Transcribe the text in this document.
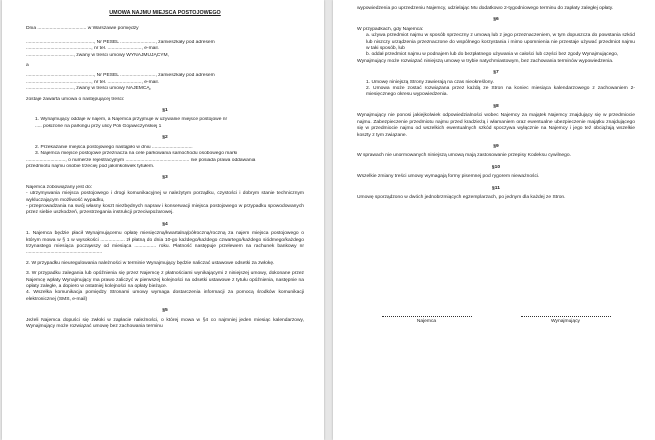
UMOWA NAJMU MIEJSCA POSTOJOWEGO
Dnia .................................... w Warszawie pomiędzy
.................................................., Nr PESEL .........................., zamieszkały pod adresem
................................................, nr tel. ........................., e-mail.
..................................., zwany w treści umowy WYNAJMUJĄCYM,
a
.................................................., Nr PESEL .........................., zamieszkały pod adresem
................................................, nr tel. ........................., e-mail.
..................................., zwany w treści umowy NAJEMCĄ,
zostaje zawarta umowa o następującej treści:
§1
1. Wynajmujący oddaje w najem, a Najemca przyjmuje w używanie miejsce postojowe nr
..... położone na parkingu przy ulicy Poli Gojawiczyńskiej 1
§2
2. Przekazanie miejsca postojowego nastąpiło w dniu ..............................
3. Najemca miejsce postojowe przeznacza na cele parkowania samochodu osobowego marki
............................., o numerze rejestracyjnym ............................................... nie posiada prawa oddawania
przedmiotu najmu osobie trzeciej pod jakimkolwiek tytułem.
§3
Najemca zobowiązany jest do:
- utrzymywania miejsca postojowego i drogi komunikacyjnej w należytym porządku, czystości i dobrym stanie technicznym wykluczającym możliwość wypadku,
- przeprowadzania na swój własny koszt niezbędnych napraw i konserwacji miejsca postojowego w przypadku spowodowanych przez siebie uszkodzeń, przestrzegania instrukcji przeciwpożarowej.
§4
1. Najemca będzie płacił Wynajmującemu opłatę miesięczną/kwartalną/półroczną/roczną za najem miejsca postojowego o którym mowa w § 1 w wysokości .................. zł płatną do dnia 10-go każdego/każdego czwartego/każdego siódmego/każdego trzynastego miesiąca począwszy od miesiąca ................ roku. Płatność następuje przelewem na rachunek bankowy nr ........................................................
2. W przypadku nieuregulowania należności w terminie Wynajmujący będzie naliczać ustawowe odsetki za zwłokę.
3. W przypadku zalegania lub opóźnienia się przez Najemcę z płatnościami wynikającymi z niniejszej umowy, dokonane przez Najemcę wpłaty Wynajmujący ma prawo zaliczyć w pierwszej kolejności na odsetki ustawowe z tytułu opóźnienia, następnie na opłaty zaległe, a dopiero w ostatniej kolejności na opłaty bieżące.
4. Wszelka komunikacja pomiędzy Stronami umowy wymaga dostarczenia informacji za pomocą środków komunikacji elektronicznej (SMS, e-mail)
§5
Jeżeli Najemca dopuści się zwłoki w zapłacie należności, o której mowa w §4 co najmniej jeden miesiąc kalendarzowy, Wynajmujący może rozwiązać umowę bez zachowania terminu
wypowiedzenia po uprzedzeniu Najemcy, udzielając Mu dodatkowo 2-tygodniowego terminu do zapłaty zaległej opłaty.
§6
W przypadkach, gdy Najemca:
a. używa przedmiot najmu w sposób sprzeczny z umową lub z jego przeznaczeniem, w tym dopuszcza do powstania szkód lub niszczy urządzenia przeznaczone do wspólnego korzystania i mimo upomnienia nie przestaje używać przedmiot najmu w taki sposób, lub
b. oddał przedmiot najmu w podnajem lub do bezpłatnego używania w całości lub części bez zgody Wynajmującego,
Wynajmujący może rozwiązać niniejszą umowę w trybie natychmiastowym, bez zachowania terminów wypowiedzenia.
§7
1. Umowę niniejszą Strony zawierają na czas nieokreślony.
2. Umowa może zostać rozwiązana przez każdą ze Stron na koniec miesiąca kalendarzowego z zachowaniem 2-miesięcznego okresu wypowiedzenia.
§8
Wynajmujący nie ponosi jakiejkolwiek odpowiedzialności wobec Najemcy za majątek Najemcy znajdujący się w przedmiocie najmu. Zabezpieczenie przedmiotu najmu przed kradzieżą i włamaniem oraz ewentualne ubezpieczenie majątku znajdującego się w przedmiocie najmu od wszelkich ewentualnych szkód spoczywa wyłącznie na Najemcy i jego też obciążają wszelkie koszty z tym związane.
§9
W sprawach nie unormowanych niniejszą umową mają zastosowanie przepisy Kodeksu cywilnego.
§10
Wszelkie zmiany treści umowy wymagają formy pisemnej pod rygorem nieważności.
§11
Umowę sporządzono w dwóch jednobrzmiących egzemplarzach, po jednym dla każdej ze Stron.
Najemca	Wynajmujący
